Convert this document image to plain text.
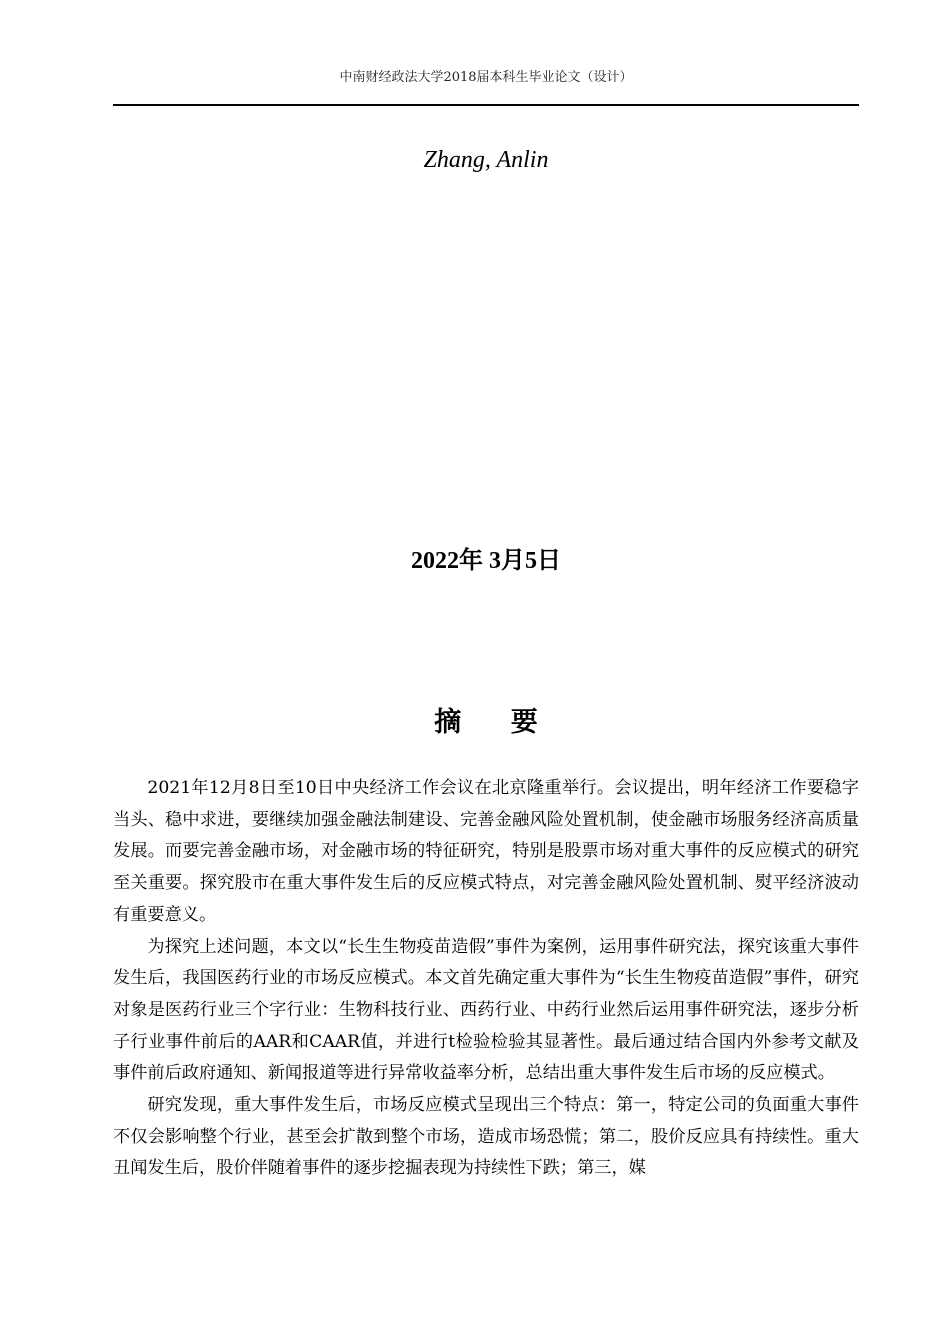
中南财经政法大学2018届本科生毕业论文（设计）
Zhang, Anlin
2022年 3月5日
摘 要

2021年12月8日至10日中央经济工作会议在北京隆重举行。会议提出，明年经济工作要稳字当头、稳中求进，要继续加强金融法制建设、完善金融风险处置机制，使金融市场服务经济高质量发展。而要完善金融市场，对金融市场的特征研究，特别是股票市场对重大事件的反应模式的研究至关重要。探究股市在重大事件发生后的反应模式特点，对完善金融风险处置机制、熨平经济波动有重要意义。

为探究上述问题，本文以“长生生物疫苗造假”事件为案例，运用事件研究法，探究该重大事件发生后，我国医药行业的市场反应模式。本文首先确定重大事件为“长生生物疫苗造假”事件，研究对象是医药行业三个字行业：生物科技行业、西药行业、中药行业然后运用事件研究法，逐步分析子行业事件前后的AAR和CAAR值，并进行t检验检验其显著性。最后通过结合国内外参考文献及事件前后政府通知、新闻报道等进行异常收益率分析，总结出重大事件发生后市场的反应模式。

研究发现，重大事件发生后，市场反应模式呈现出三个特点：第一，特定公司的负面重大事件不仅会影响整个行业，甚至会扩散到整个市场，造成市场恐慌；第二，股价反应具有持续性。重大丑闻发生后，股价伴随着事件的逐步挖掘表现为持续性下跌；第三，媒
